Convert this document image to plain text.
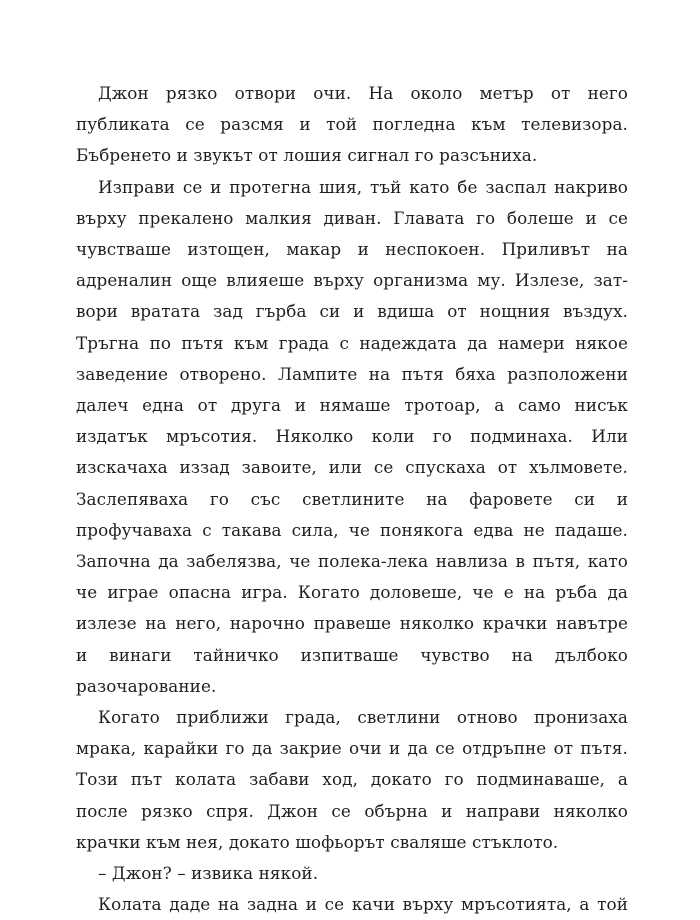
Джон рязко отвори очи. На около метър от него
публиката се разсмя и той погледна към телевизора.
Бъбренето и звукът от лошия сигнал го разсъниха.
Изправи се и протегна шия, тъй като бе заспал накриво
върху прекалено малкия диван. Главата го болеше и се
чувстваше изтощен, макар и неспокоен. Приливът на
адреналин още влияеше върху организма му. Излезе, зат-
вори вратата зад гърба си и вдиша от нощния въздух.
Тръгна по пътя към града с надеждата да намери някое
заведение отворено. Лампите на пътя бяха разположени
далеч една от друга и нямаше тротоар, а само нисък
издатък мръсотия. Няколко коли го подминаха. Или
изскачаха иззад завоите, или се спускаха от хълмовете.
Заслепяваха го със светлините на фаровете си и
профучаваха с такава сила, че понякога едва не падаше.
Започна да забелязва, че полека-лека навлиза в пътя, като
че играе опасна игра. Когато доловеше, че е на ръба да
излезе на него, нарочно правеше няколко крачки навътре
и винаги тайничко изпитваше чувство на дълбоко
разочарование.
Когато приближи града, светлини отново пронизаха
мрака, карайки го да закрие очи и да се отдръпне от пътя.
Този път колата забави ход, докато го подминаваше, а
после рязко спря. Джон се обърна и направи няколко
крачки към нея, докато шофьорът сваляше стъклото.
– Джон? – извика някой.
Колата даде на задна и се качи върху мръсотията, а той
